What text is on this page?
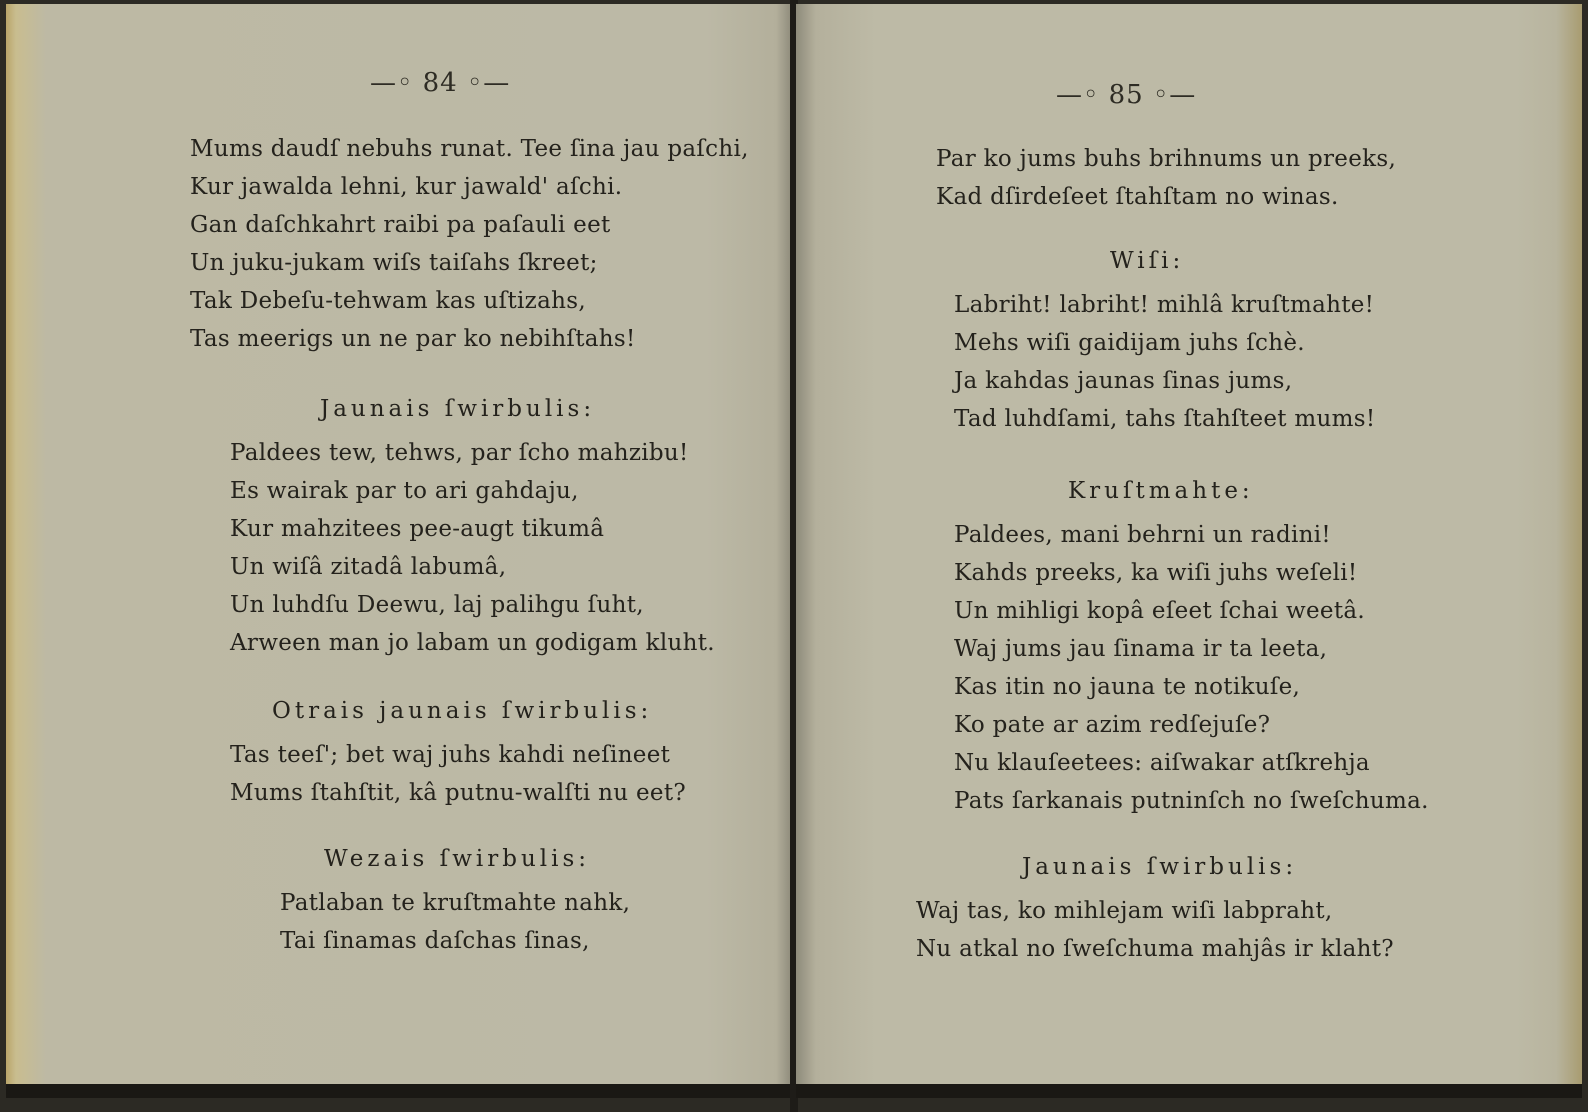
—◦ 84 ◦—
Mums daudſ nebuhs runat. Tee ſina jau paſchi,
Kur jawalda lehni, kur jawald' aſchi.
Gan daſchkahrt raibi pa paſauli eet
Un juku-jukam wiſs taiſahs ſkreet;
Tak Debeſu-tehwam kas uſtizahs,
Tas meerigs un ne par ko nebihſtahs!
Jaunais ſwirbulis:
Paldees tew, tehws, par ſcho mahzibu!
Es wairak par to ari gahdaju,
Kur mahzitees pee-augt tikumâ
Un wiſâ zitadâ labumâ,
Un luhdſu Deewu, laj palihgu ſuht,
Arween man jo labam un godigam kluht.
Otrais jaunais ſwirbulis:
Tas teeſ'; bet waj juhs kahdi neſineet
Mums ſtahſtit, kâ putnu-walſti nu eet?
Wezais ſwirbulis:
Patlaban te kruſtmahte nahk,
Tai ſinamas daſchas ſinas,
—◦ 85 ◦—
Par ko jums buhs brihnums un preeks,
Kad dſirdeſeet ſtahſtam no winas.
Wiſi:
Labriht! labriht! mihlâ kruſtmahte!
Mehs wiſi gaidijam juhs ſchè.
Ja kahdas jaunas ſinas jums,
Tad luhdſami, tahs ſtahſteet mums!
Kruſtmahte:
Paldees, mani behrni un radini!
Kahds preeks, ka wiſi juhs weſeli!
Un mihligi kopâ eſeet ſchai weetâ.
Waj jums jau ſinama ir ta leeta,
Kas itin no jauna te notikuſe,
Ko pate ar azim redſejuſe?
Nu klauſeetees: aiſwakar atſkrehja
Pats ſarkanais putninſch no ſweſchuma.
Jaunais ſwirbulis:
Waj tas, ko mihlejam wiſi labpraht,
Nu atkal no ſweſchuma mahjâs ir klaht?
